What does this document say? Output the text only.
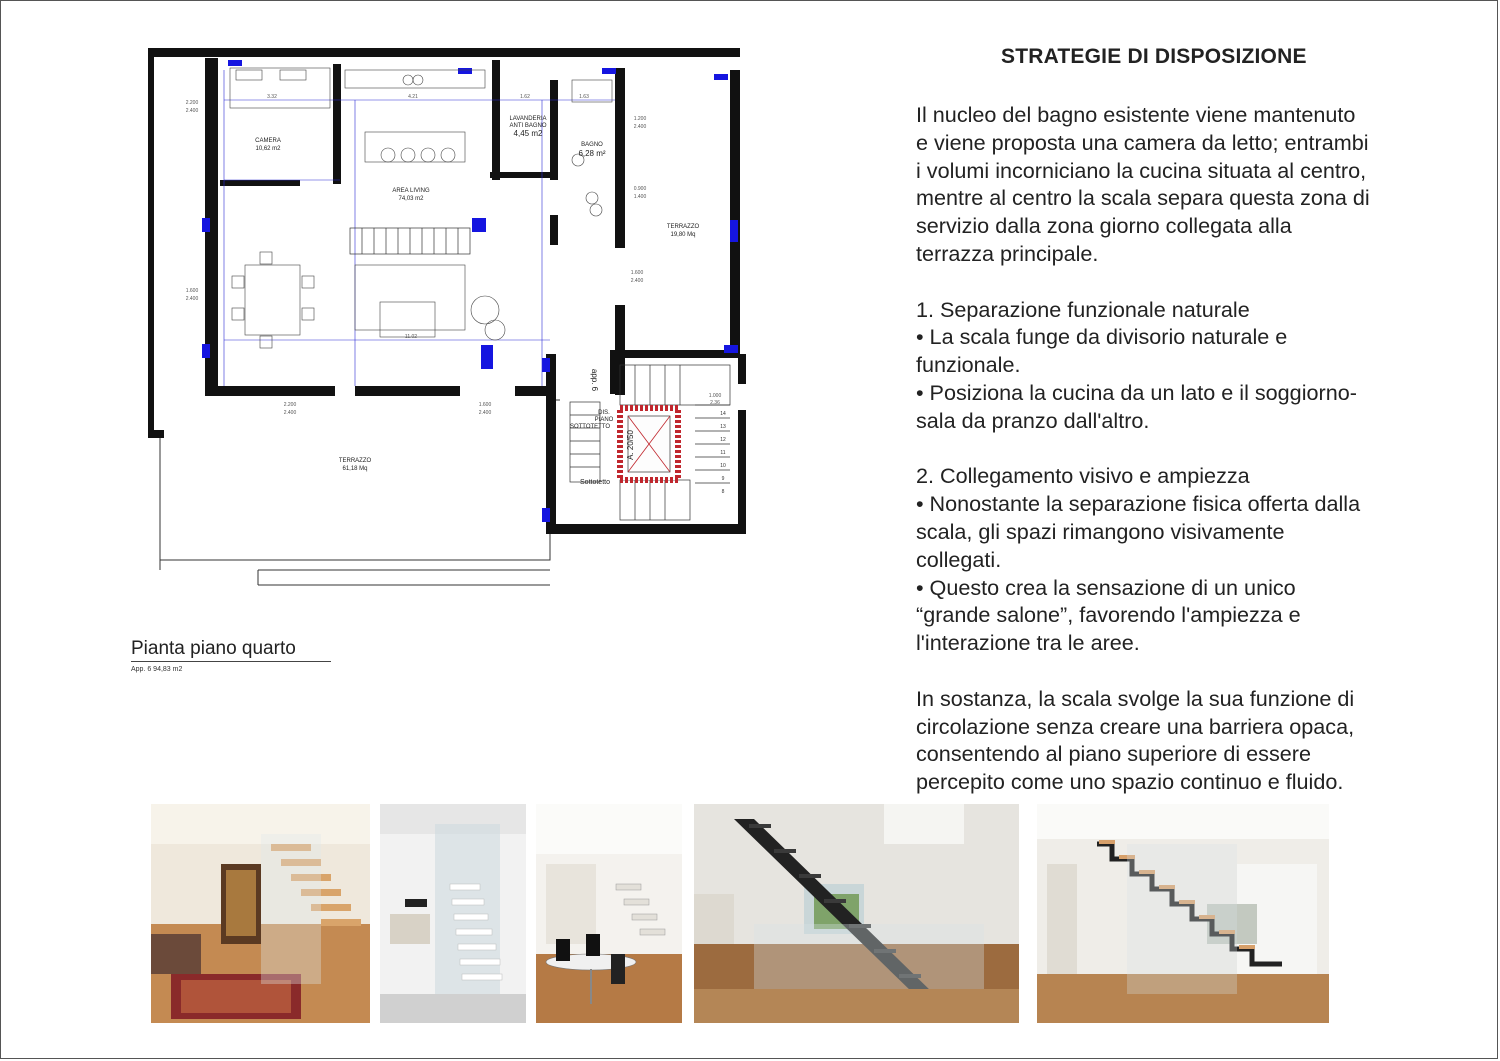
CAMERA
10,62 m2
LAVANDERIA
ANTI BAGNO
4,45 m2
BAGNO
6,28 m²
AREA LIVING
74,03 m2
TERRAZZO
19,80 Mq
TERRAZZO
61,18 Mq
DIS.
PIANO
SOTTOTETTO
Sottotetto
app. 6
A. 20/50
2.200
2.400
1.600
2.400
1.200
2.400
0.900
1.400
1.600
2.400
2.200
2.400
1.600
2.400
3.32	4.21	1.62	1.63
11.02
1.000
2.36
14
13
12
11
10
9
8
Pianta piano quarto
App. 6 94,83 m2
STRATEGIE DI DISPOSIZIONE

Il nucleo del bagno esistente viene mantenuto

e viene proposta una camera da letto; entrambi

i volumi incorniciano la cucina situata al centro,

mentre al centro la scala separa questa zona di

servizio dalla zona giorno collegata alla

terrazza principale.

1. Separazione funzionale naturale

• La scala funge da divisorio naturale e

funzionale.

• Posiziona la cucina da un lato e il soggiorno-

sala da pranzo dall'altro.

2. Collegamento visivo e ampiezza

• Nonostante la separazione fisica offerta dalla

scala, gli spazi rimangono visivamente

collegati.

• Questo crea la sensazione di un unico

“grande salone”, favorendo l'ampiezza e

l'interazione tra le aree.

In sostanza, la scala svolge la sua funzione di

circolazione senza creare una barriera opaca,

consentendo al piano superiore di essere

percepito come uno spazio continuo e fluido.
